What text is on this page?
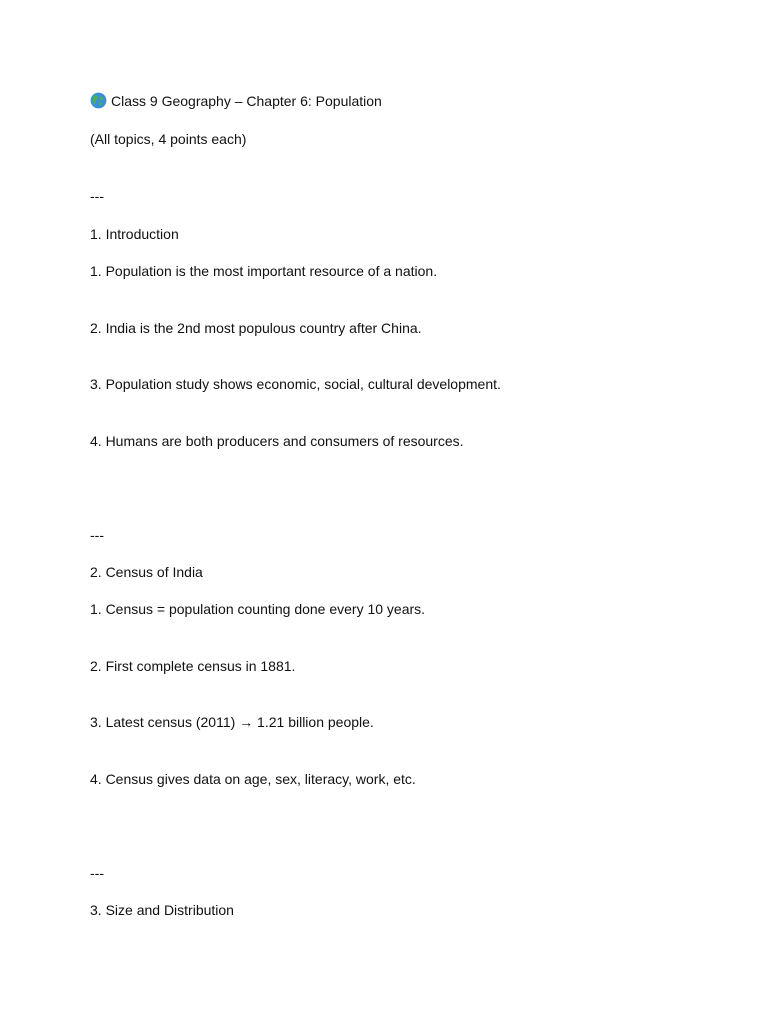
Class 9 Geography – Chapter 6: Population

(All topics, 4 points each)

---

1. Introduction

1. Population is the most important resource of a nation.

2. India is the 2nd most populous country after China.

3. Population study shows economic, social, cultural development.

4. Humans are both producers and consumers of resources.

---

2. Census of India

1. Census = population counting done every 10 years.

2. First complete census in 1881.

3. Latest census (2011) → 1.21 billion people.

4. Census gives data on age, sex, literacy, work, etc.

---

3. Size and Distribution
